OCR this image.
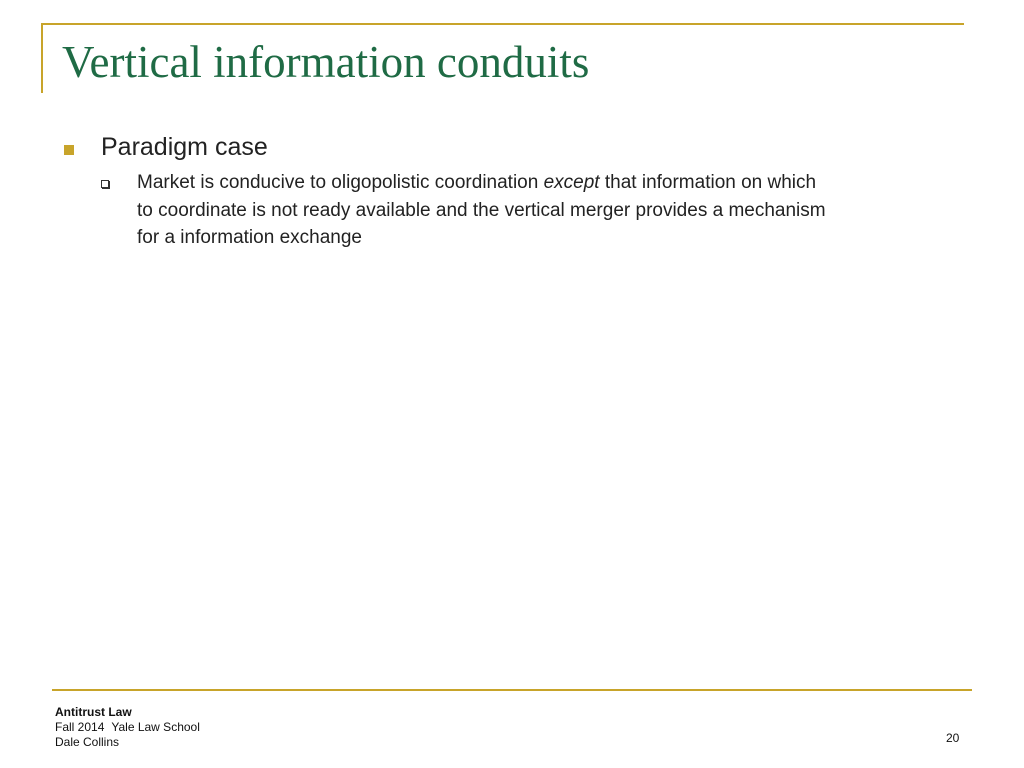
Vertical information conduits
Paradigm case
Market is conducive to oligopolistic coordination except that information on which
to coordinate is not ready available and the vertical merger provides a mechanism
for a information exchange
Antitrust Law
Fall 2014 Yale Law School
Dale Collins	20
